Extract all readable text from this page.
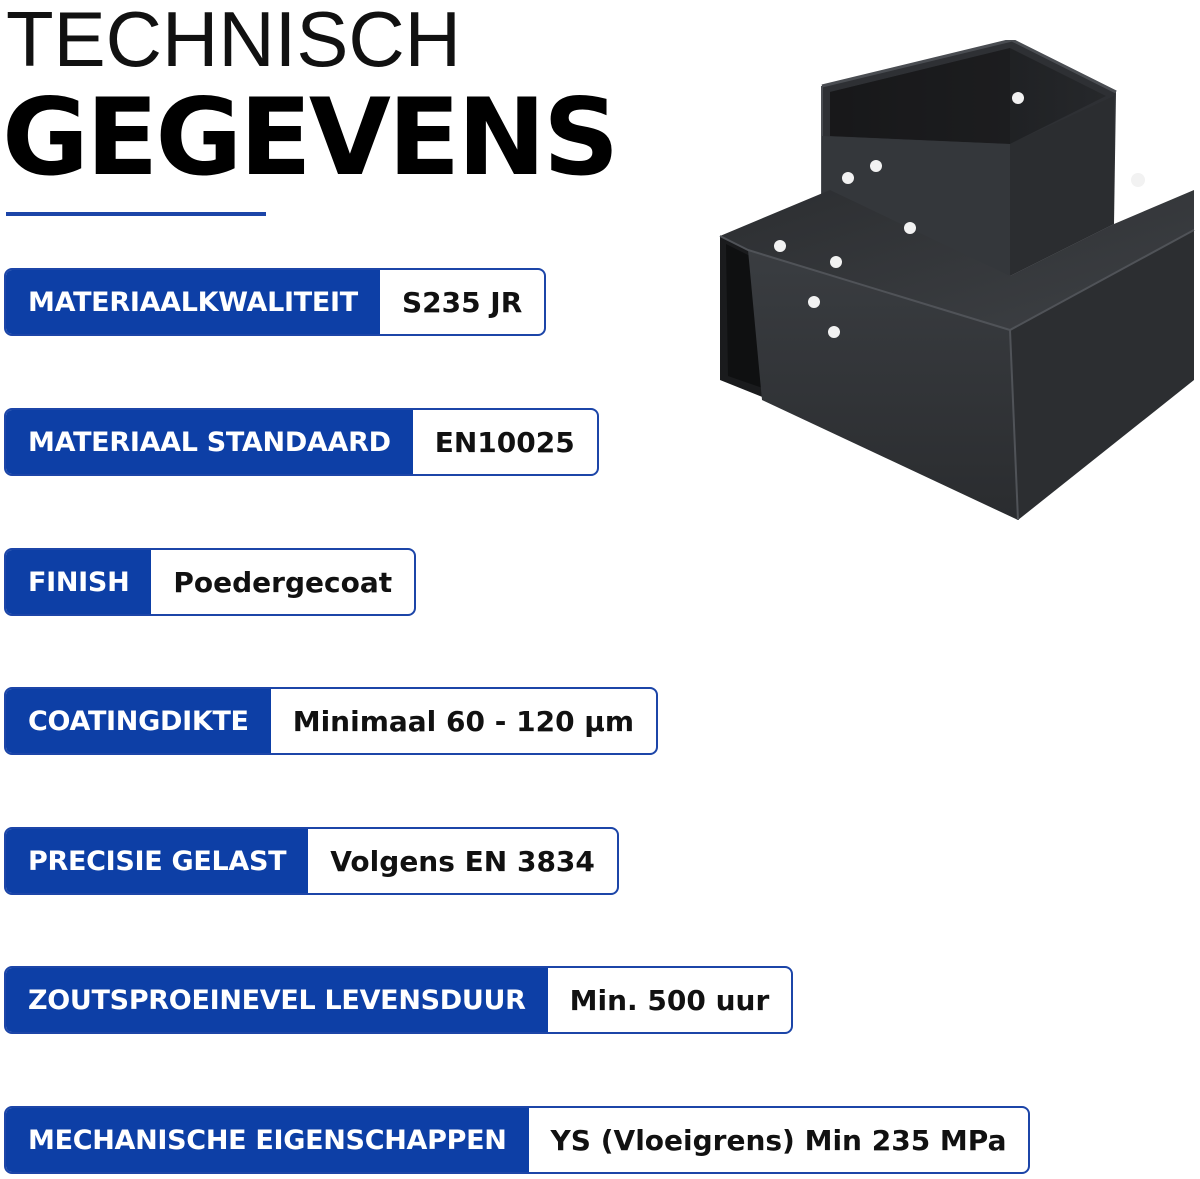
TECHNISCH
GEGEVENS
MATERIAALKWALITEIT	S235 JR
MATERIAAL STANDAARD	EN10025
FINISH	Poedergecoat
COATINGDIKTE	Minimaal 60 - 120 µm
PRECISIE GELAST	Volgens EN 3834
ZOUTSPROEINEVEL LEVENSDUUR	Min. 500 uur
MECHANISCHE EIGENSCHAPPEN	YS (Vloeigrens) Min 235 MPa
